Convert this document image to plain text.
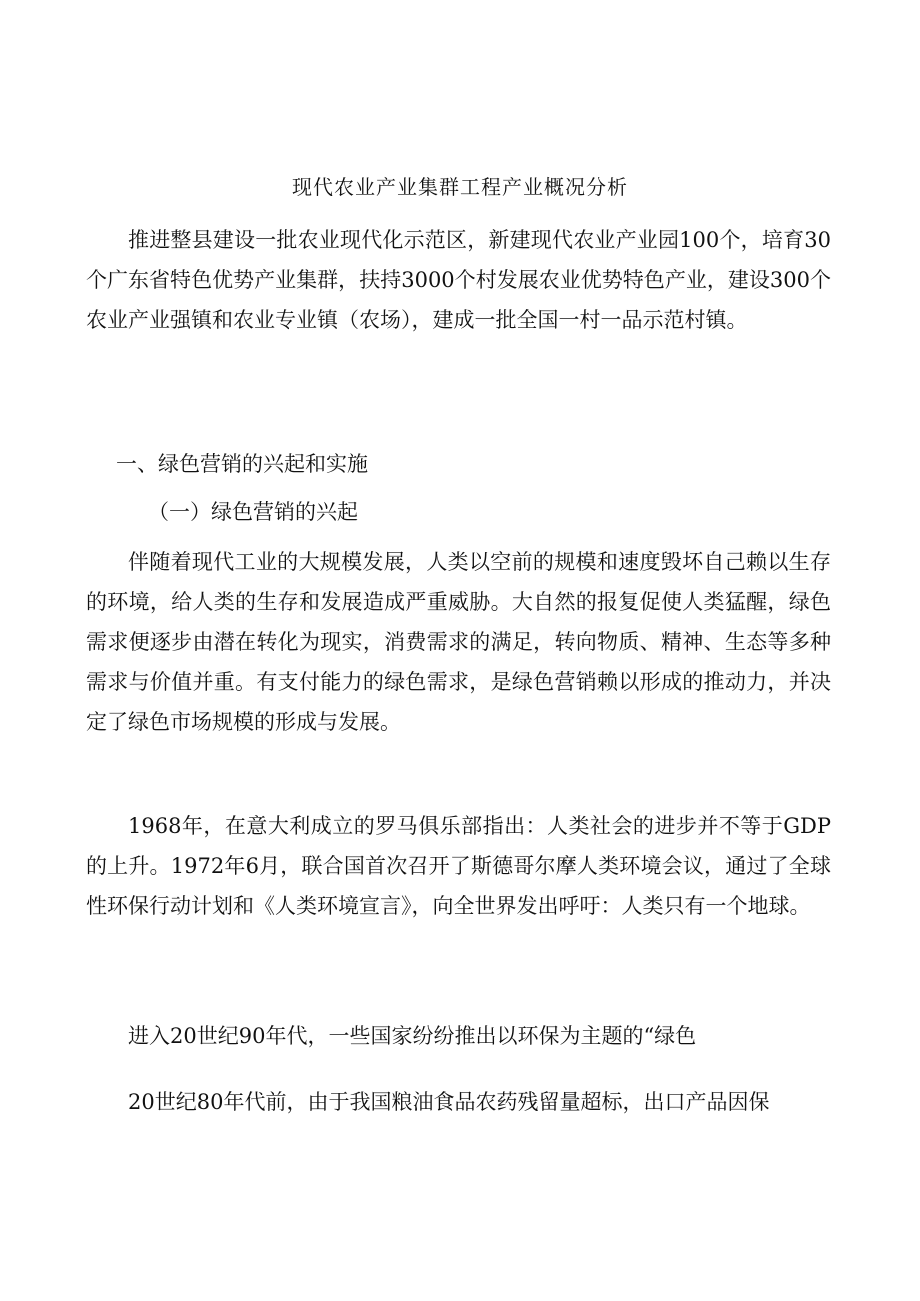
现代农业产业集群工程产业概况分析

推进整县建设一批农业现代化示范区，新建现代农业产业园100个，培育30个广东省特色优势产业集群，扶持3000个村发展农业优势特色产业，建设300个农业产业强镇和农业专业镇（农场），建成一批全国一村一品示范村镇。

一、绿色营销的兴起和实施
（一）绿色营销的兴起

伴随着现代工业的大规模发展，人类以空前的规模和速度毁坏自己赖以生存的环境，给人类的生存和发展造成严重威胁。大自然的报复促使人类猛醒，绿色需求便逐步由潜在转化为现实，消费需求的满足，转向物质、精神、生态等多种需求与价值并重。有支付能力的绿色需求，是绿色营销赖以形成的推动力，并决定了绿色市场规模的形成与发展。

1968年，在意大利成立的罗马俱乐部指出：人类社会的进步并不等于GDP的上升。1972年6月，联合国首次召开了斯德哥尔摩人类环境会议，通过了全球性环保行动计划和《人类环境宣言》，向全世界发出呼吁：人类只有一个地球。

进入20世纪90年代，一些国家纷纷推出以环保为主题的“绿色

20世纪80年代前，由于我国粮油食品农药残留量超标，出口产品因保
